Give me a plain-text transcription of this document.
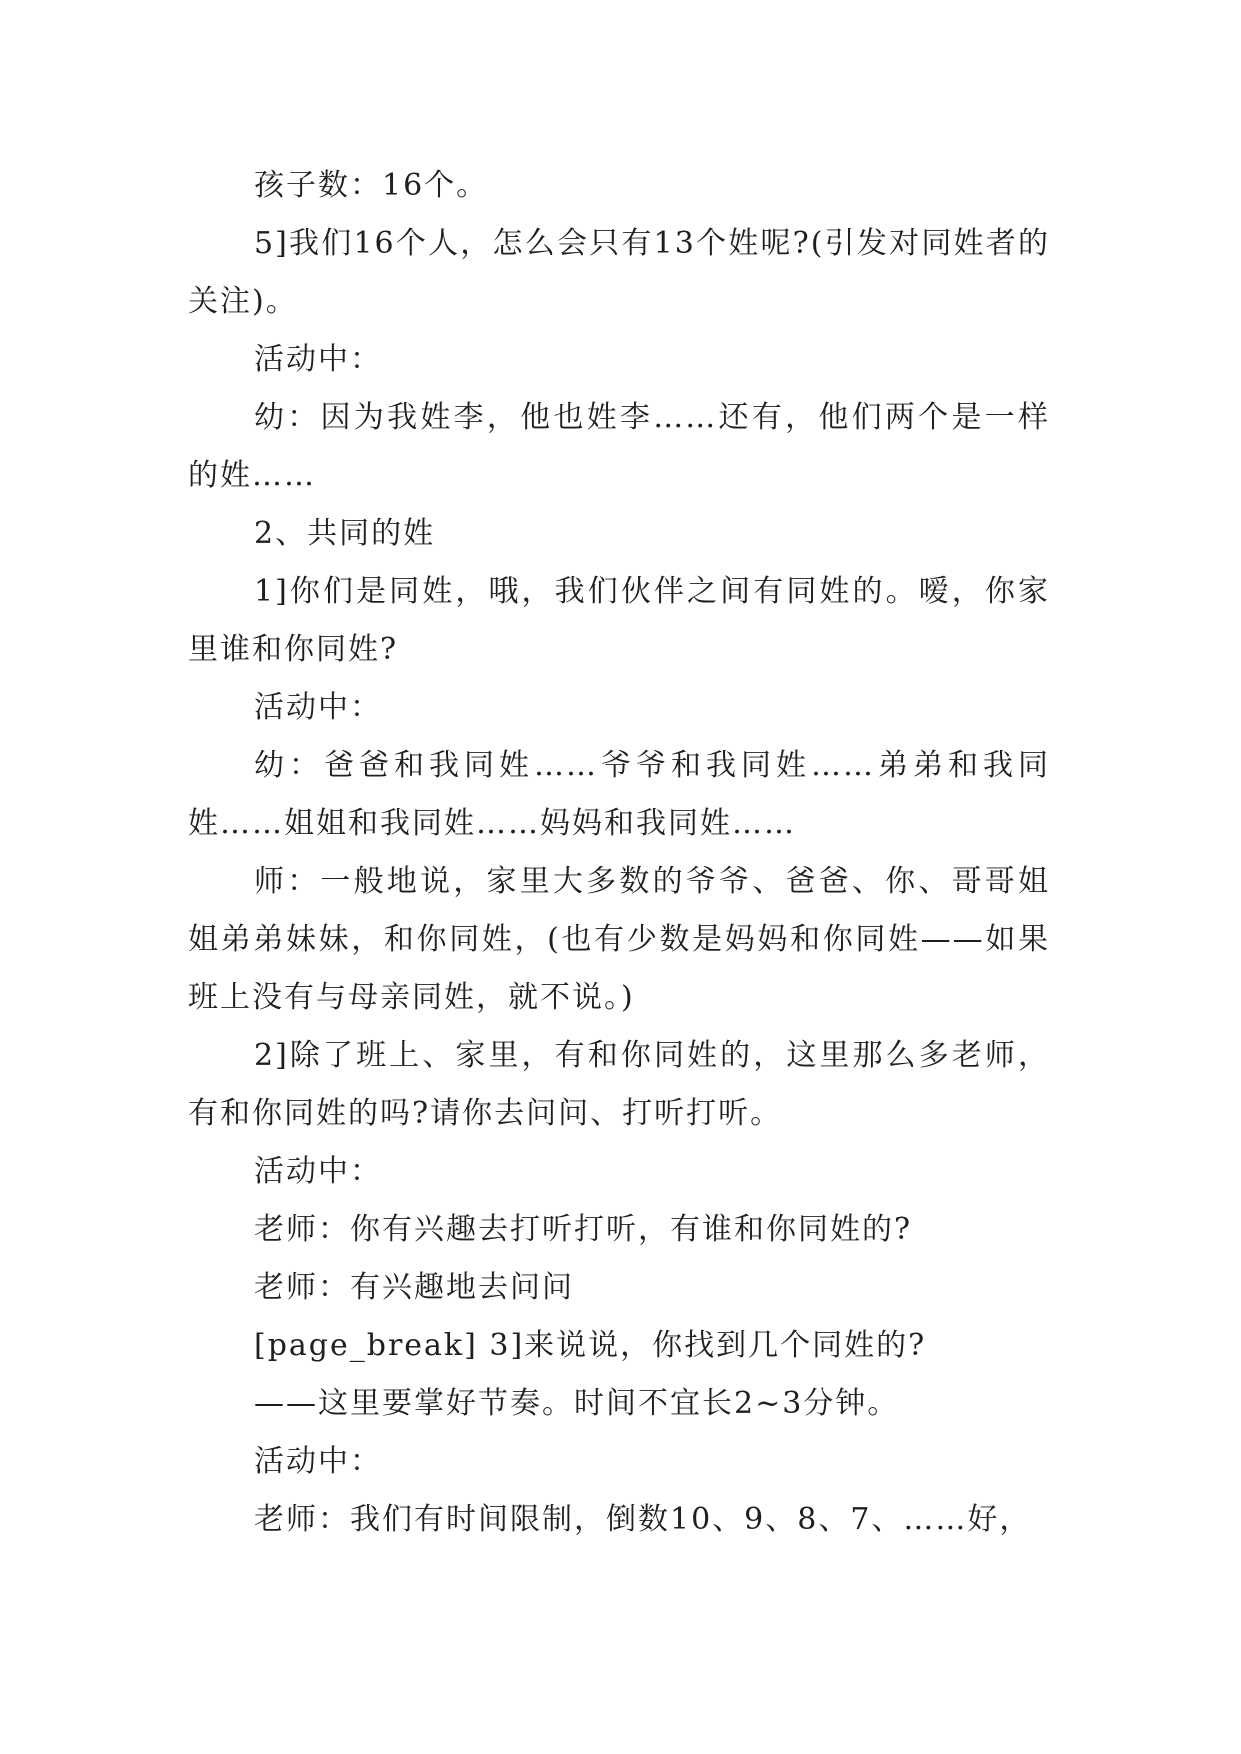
孩子数：16个。

5]我们16个人，怎么会只有13个姓呢?(引发对同姓者的关注)。

活动中：

幼：因为我姓李，他也姓李……还有，他们两个是一样的姓……

2、共同的姓

1]你们是同姓，哦，我们伙伴之间有同姓的。嗳，你家里谁和你同姓?

活动中：

幼：爸爸和我同姓……爷爷和我同姓……弟弟和我同姓……姐姐和我同姓……妈妈和我同姓……

师：一般地说，家里大多数的爷爷、爸爸、你、哥哥姐姐弟弟妹妹，和你同姓，(也有少数是妈妈和你同姓——如果班上没有与母亲同姓，就不说。)

2]除了班上、家里，有和你同姓的，这里那么多老师，有和你同姓的吗?请你去问问、打听打听。

活动中：

老师：你有兴趣去打听打听，有谁和你同姓的?

老师：有兴趣地去问问

[page_break] 3]来说说，你找到几个同姓的?

——这里要掌好节奏。时间不宜长2~3分钟。

活动中：

老师：我们有时间限制，倒数10、9、8、7、……好，
